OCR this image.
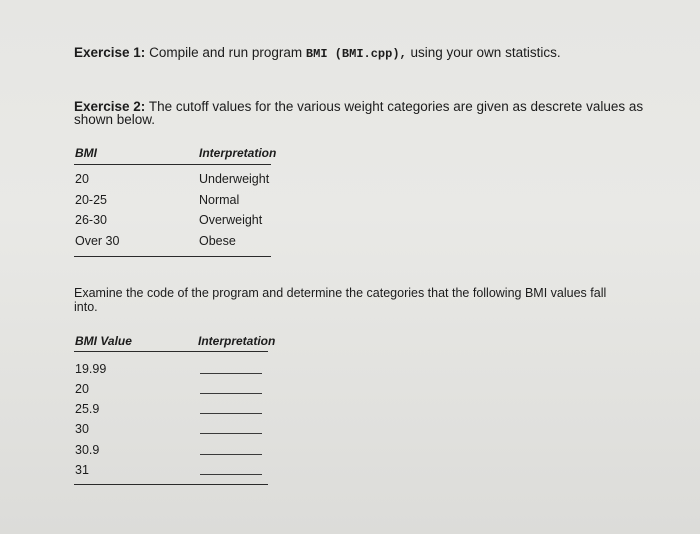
Exercise 1: Compile and run program BMI (BMI.cpp), using your own statistics.
Exercise 2: The cutoff values for the various weight categories are given as descrete values as
shown below.
BMI	Interpretation
20	Underweight
20-25	Normal
26-30	Overweight
Over 30	Obese
Examine the code of the program and determine the categories that the following BMI values fall
into.
BMI Value	Interpretation
19.99
20
25.9
30
30.9
31
